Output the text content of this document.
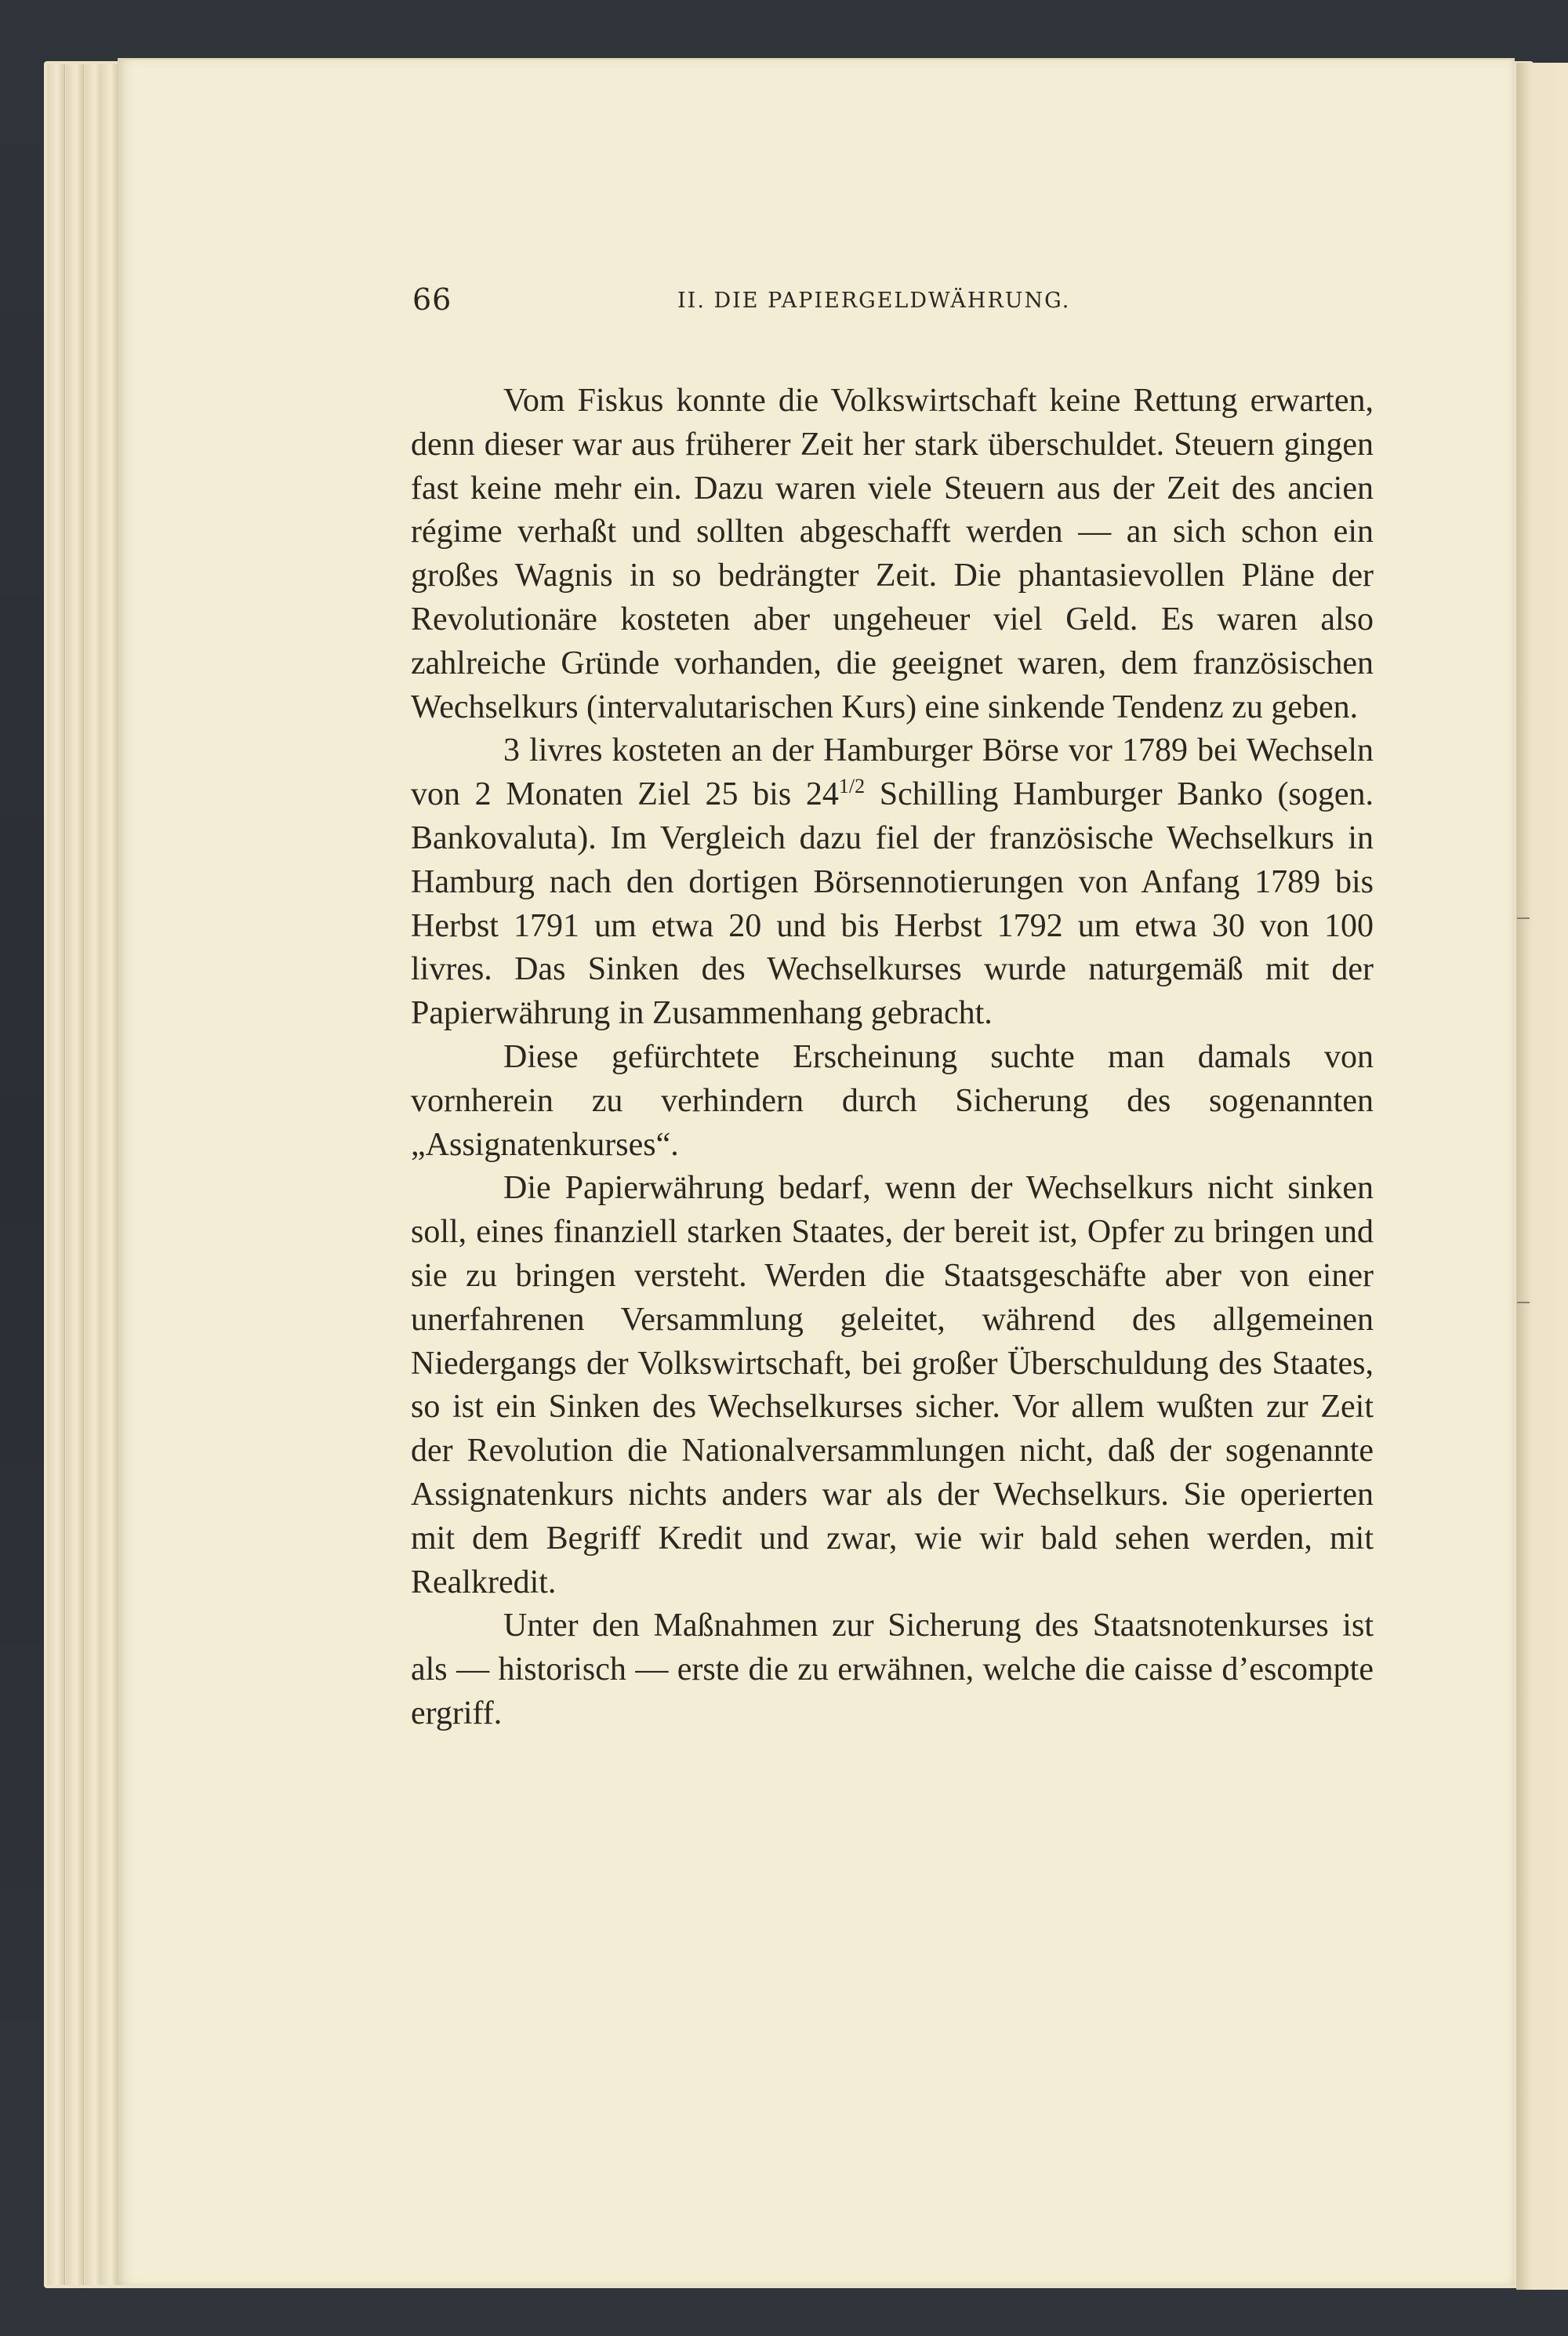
66	II. DIE PAPIERGELDWÄHRUNG.

Vom Fiskus konnte die Volkswirtschaft keine Rettung erwarten, denn dieser war aus früherer Zeit her stark überschuldet. Steuern gingen fast keine mehr ein. Dazu waren viele Steuern aus der Zeit des ancien régime verhaßt und sollten abgeschafft werden — an sich schon ein großes Wagnis in so bedrängter Zeit. Die phantasievollen Pläne der Revolutionäre kosteten aber ungeheuer viel Geld. Es waren also zahlreiche Gründe vorhanden, die geeignet waren, dem französischen Wechselkurs (intervalutarischen Kurs) eine sinkende Tendenz zu geben.

3 livres kosteten an der Hamburger Börse vor 1789 bei Wechseln von 2 Monaten Ziel 25 bis $24^{1/2}$ Schilling Hamburger Banko (sogen. Bankovaluta). Im Vergleich dazu fiel der französische Wechselkurs in Hamburg nach den dortigen Börsennotierungen von Anfang 1789 bis Herbst 1791 um etwa 20 und bis Herbst 1792 um etwa 30 von 100 livres. Das Sinken des Wechselkurses wurde naturgemäß mit der Papierwährung in Zusammenhang gebracht.

Diese gefürchtete Erscheinung suchte man damals von vornherein zu verhindern durch Sicherung des sogenannten „Assignatenkurses“.

Die Papierwährung bedarf, wenn der Wechselkurs nicht sinken soll, eines finanziell starken Staates, der bereit ist, Opfer zu bringen und sie zu bringen versteht. Werden die Staatsgeschäfte aber von einer unerfahrenen Versammlung geleitet, während des allgemeinen Niedergangs der Volkswirtschaft, bei großer Überschuldung des Staates, so ist ein Sinken des Wechselkurses sicher. Vor allem wußten zur Zeit der Revolution die Nationalversammlungen nicht, daß der sogenannte Assignatenkurs nichts anders war als der Wechselkurs. Sie operierten mit dem Begriff Kredit und zwar, wie wir bald sehen werden, mit Realkredit.

Unter den Maßnahmen zur Sicherung des Staatsnotenkurses ist als — historisch — erste die zu erwähnen, welche die caisse d’escompte ergriff.
